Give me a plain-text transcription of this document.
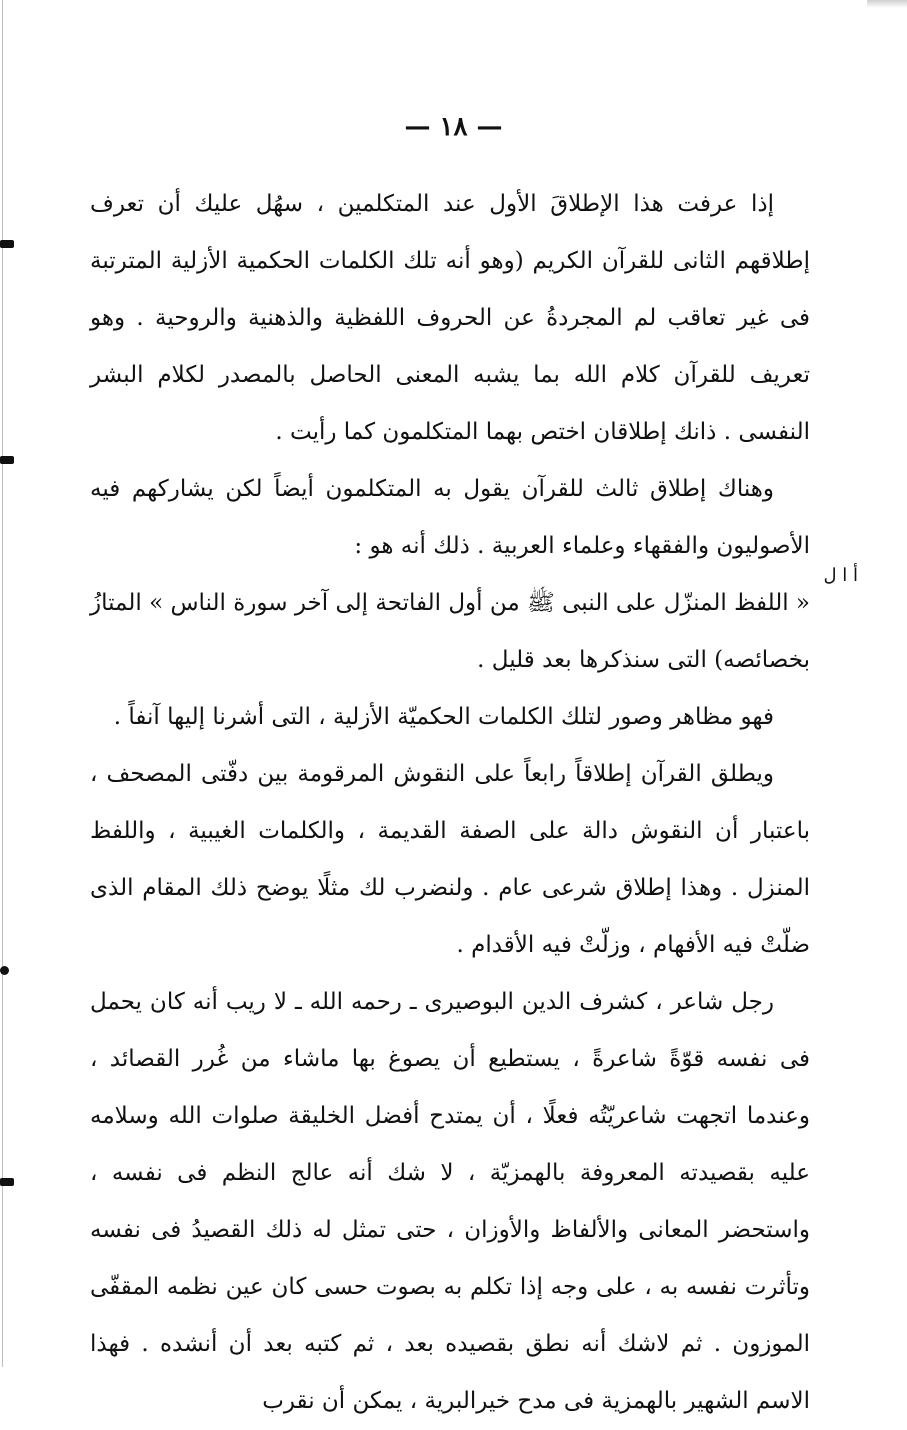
— ١٨ —
أ ا ل

إذا عرفت هذا الإطلاقَ الأول عند المتكلمين ، سهُل عليك أن تعرف إطلاقهم الثانى للقرآن الكريم (وهو أنه تلك الكلمات الحكمية الأزلية المترتبة فى غير تعاقب لم المجردةُ عن الحروف اللفظية والذهنية والروحية . وهو تعريف للقرآن كلام الله بما يشبه المعنى الحاصل بالمصدر لكلام البشر النفسى . ذانك إطلاقان اختص بهما المتكلمون كما رأيت .

وهناك إطلاق ثالث للقرآن يقول به المتكلمون أيضاً لكن يشاركهم فيه الأصوليون والفقهاء وعلماء العربية . ذلك أنه هو :

« اللفظ المنزّل على النبى ﷺ من أول الفاتحة إلى آخر سورة الناس » المتازُ بخصائصه) التى سنذكرها بعد قليل .

فهو مظاهر وصور لتلك الكلمات الحكميّة الأزلية ، التى أشرنا إليها آنفاً .

ويطلق القرآن إطلاقاً رابعاً على النقوش المرقومة بين دفّتى المصحف ، باعتبار أن النقوش دالة على الصفة القديمة ، والكلمات الغيبية ، واللفظ المنزل . وهذا إطلاق شرعى عام . ولنضرب لك مثلًا يوضح ذلك المقام الذى ضلّتْ فيه الأفهام ، وزلّتْ فيه الأقدام .

رجل شاعر ، كشرف الدين البوصيرى ـ رحمه الله ـ لا ريب أنه كان يحمل فى نفسه قوّةً شاعرةً ، يستطيع أن يصوغ بها ماشاء من غُرر القصائد ، وعندما اتجهت شاعريّتُه فعلًا ، أن يمتدح أفضل الخليقة صلوات الله وسلامه عليه بقصيدته المعروفة بالهمزيّة ، لا شك أنه عالج النظم فى نفسه ، واستحضر المعانى والألفاظ والأوزان ، حتى تمثل له ذلك القصيدُ فى نفسه وتأثرت نفسه به ، على وجه إذا تكلم به بصوت حسى كان عين نظمه المقفّى الموزون . ثم لاشك أنه نطق بقصيده بعد ، ثم كتبه بعد أن أنشده . فهذا الاسم الشهير بالهمزية فى مدح خيرالبرية ، يمكن أن نقرب
